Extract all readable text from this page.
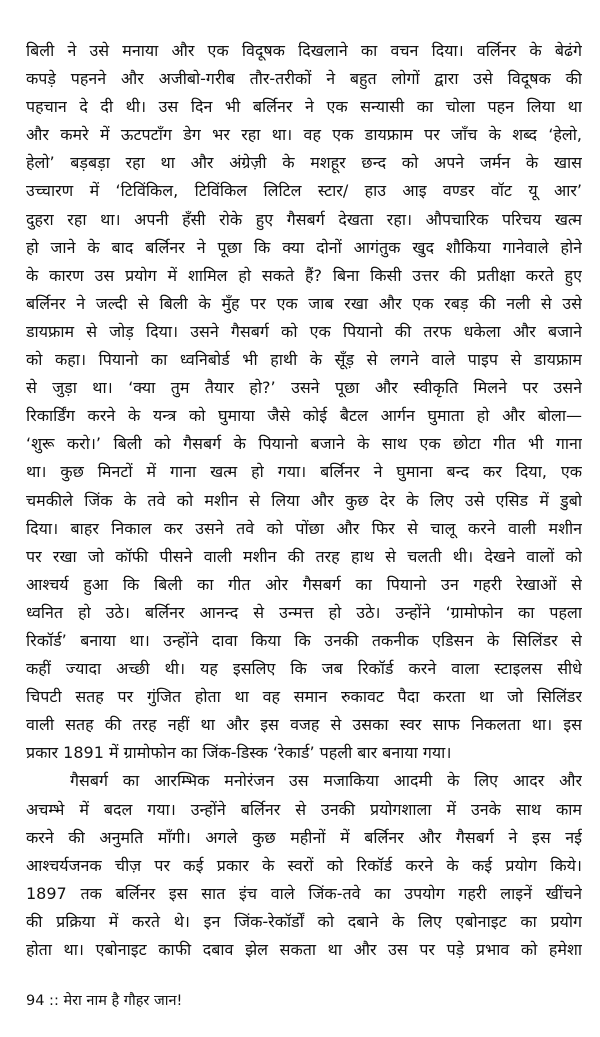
बिली ने उसे मनाया और एक विदूषक दिखलाने का वचन दिया। वर्लिनर के बेढंगे
कपड़े पहनने और अजीबो-गरीब तौर-तरीकों ने बहुत लोगों द्वारा उसे विदूषक की
पहचान दे दी थी। उस दिन भी बर्लिनर ने एक सन्यासी का चोला पहन लिया था
और कमरे में ऊटपटाँग डेग भर रहा था। वह एक डायफ्राम पर जाँच के शब्द ‘हेलो,
हेलो’ बड़बड़ा रहा था और अंग्रेज़ी के मशहूर छन्द को अपने जर्मन के खास
उच्चारण में ‘टिविंकिल, टिविंकिल लिटिल स्टार/ हाउ आइ वण्डर वॉट यू आर’
दुहरा रहा था। अपनी हँसी रोके हुए गैसबर्ग देखता रहा। औपचारिक परिचय खत्म
हो जाने के बाद बर्लिनर ने पूछा कि क्या दोनों आगंतुक खुद शौकिया गानेवाले होने
के कारण उस प्रयोग में शामिल हो सकते हैं? बिना किसी उत्तर की प्रतीक्षा करते हुए
बर्लिनर ने जल्दी से बिली के मुँह पर एक जाब रखा और एक रबड़ की नली से उसे
डायफ्राम से जोड़ दिया। उसने गैसबर्ग को एक पियानो की तरफ धकेला और बजाने
को कहा। पियानो का ध्वनिबोर्ड भी हाथी के सूँड़ से लगने वाले पाइप से डायफ्राम
से जुड़ा था। ‘क्या तुम तैयार हो?’ उसने पूछा और स्वीकृति मिलने पर उसने
रिकार्डिंग करने के यन्त्र को घुमाया जैसे कोई बैटल आर्गन घुमाता हो और बोला—
‘शुरू करो।’ बिली को गैसबर्ग के पियानो बजाने के साथ एक छोटा गीत भी गाना
था। कुछ मिनटों में गाना खत्म हो गया। बर्लिनर ने घुमाना बन्द कर दिया, एक
चमकीले जिंक के तवे को मशीन से लिया और कुछ देर के लिए उसे एसिड में डुबो
दिया। बाहर निकाल कर उसने तवे को पोंछा और फिर से चालू करने वाली मशीन
पर रखा जो कॉफी पीसने वाली मशीन की तरह हाथ से चलती थी। देखने वालों को
आश्चर्य हुआ कि बिली का गीत ओर गैसबर्ग का पियानो उन गहरी रेखाओं से
ध्वनित हो उठे। बर्लिनर आनन्द से उन्मत्त हो उठे। उन्होंने ‘ग्रामोफोन का पहला
रिकॉर्ड’ बनाया था। उन्होंने दावा किया कि उनकी तकनीक एडिसन के सिलिंडर से
कहीं ज्यादा अच्छी थी। यह इसलिए कि जब रिकॉर्ड करने वाला स्टाइलस सीधे
चिपटी सतह पर गुंजित होता था वह समान रुकावट पैदा करता था जो सिलिंडर
वाली सतह की तरह नहीं था और इस वजह से उसका स्वर साफ निकलता था। इस
प्रकार 1891 में ग्रामोफोन का जिंक-डिस्क ‘रेकार्ड’ पहली बार बनाया गया।
गैसबर्ग का आरम्भिक मनोरंजन उस मजाकिया आदमी के लिए आदर और
अचम्भे में बदल गया। उन्होंने बर्लिनर से उनकी प्रयोगशाला में उनके साथ काम
करने की अनुमति माँगी। अगले कुछ महीनों में बर्लिनर और गैसबर्ग ने इस नई
आश्चर्यजनक चीज़ पर कई प्रकार के स्वरों को रिकॉर्ड करने के कई प्रयोग किये।
1897 तक बर्लिनर इस सात इंच वाले जिंक-तवे का उपयोग गहरी लाइनें खींचने
की प्रक्रिया में करते थे। इन जिंक-रेकॉर्डों को दबाने के लिए एबोनाइट का प्रयोग
होता था। एबोनाइट काफी दबाव झेल सकता था और उस पर पड़े प्रभाव को हमेशा
94 :: मेरा नाम है गौहर जान!
